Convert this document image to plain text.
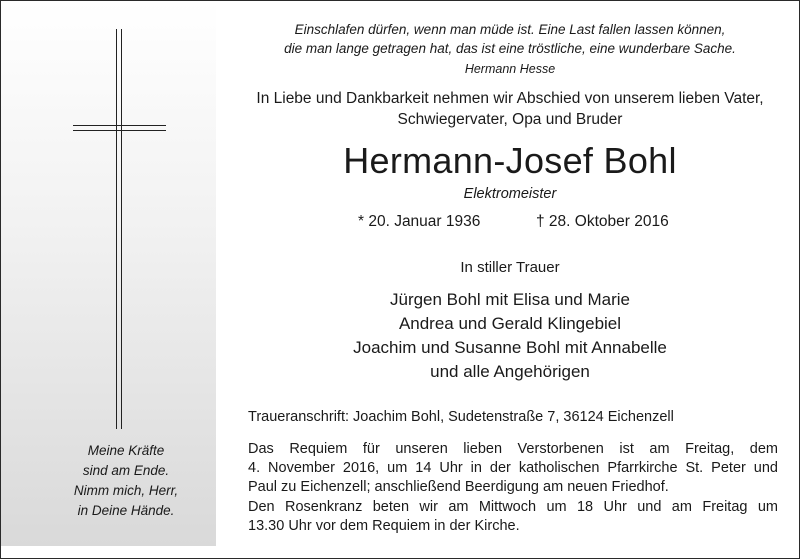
Meine Kräfte
sind am Ende.
Nimm mich, Herr,
in Deine Hände.
Einschlafen dürfen, wenn man müde ist. Eine Last fallen lassen können,
die man lange getragen hat, das ist eine tröstliche, eine wunderbare Sache.
Hermann Hesse
In Liebe und Dankbarkeit nehmen wir Abschied von unserem lieben Vater,
Schwiegervater, Opa und Bruder
Hermann-Josef Bohl
Elektromeister
* 20. Januar 1936	† 28. Oktober 2016
In stiller Trauer
Jürgen Bohl mit Elisa und Marie
Andrea und Gerald Klingebiel
Joachim und Susanne Bohl mit Annabelle
und alle Angehörigen
Traueranschrift: Joachim Bohl, Sudetenstraße 7, 36124 Eichenzell
Das Requiem für unseren lieben Verstorbenen ist am Freitag, dem
4. November 2016, um 14 Uhr in der katholischen Pfarrkirche St. Peter und
Paul zu Eichenzell; anschließend Beerdigung am neuen Friedhof.
Den Rosenkranz beten wir am Mittwoch um 18 Uhr und am Freitag um
13.30 Uhr vor dem Requiem in der Kirche.
